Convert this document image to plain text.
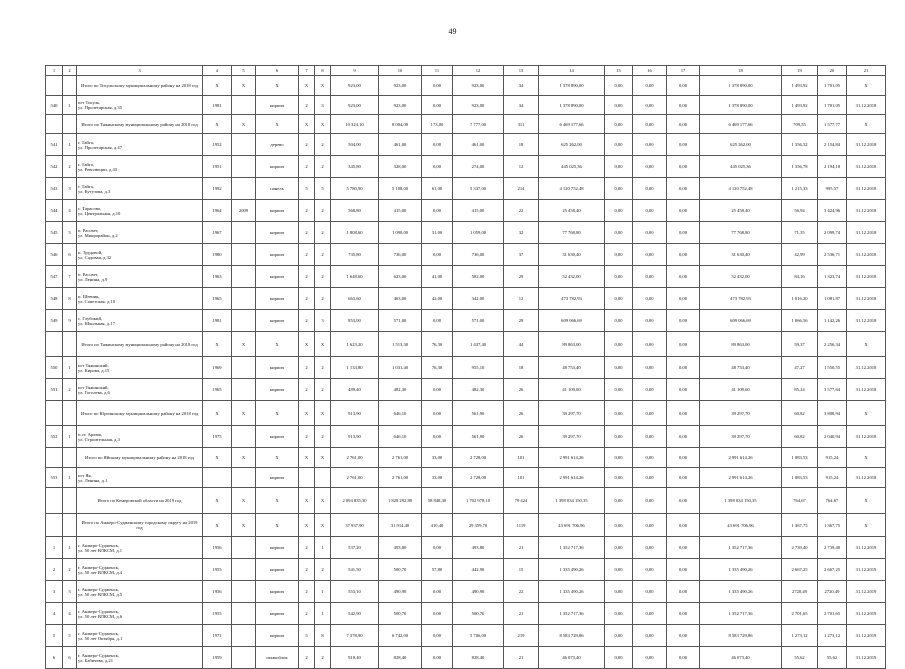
49
1	2	3	4	5	6	7	8	9	10	11	12	13	14	15	16	17	18	19	20	21
		Итого по Тисульскому муниципальному району на 2018 год	X	X	X	X	X	923,00	923,00	0,00	923,00	34	1 378 890,00	0,00	0,00	0,00	1 378 890,00	1 493,92	1 701,05	X
540	1	пгт Тисуль,
ул. Пролетарская, д.35	1981		кирпич	2	3	923,00	923,00	0,00	923,00	34	1 378 890,00	0,00	0,00	0,00	1 378 890,00	1 493,92	1 701,05	31.12.2018
		Итого по Тяжинскому муниципальному району на 2018 год	X	X	X	X	X	10 324,10	8 004,00	173,00	7 777,00	311	6 469 177,66	0,00	0,00	0,00	6 469 177,66	709,55	1 577,77	X
541	1	г. Тайга,
ул. Пролетарская, д.47	1952		дерево	2	2	504,00	461,00	0,00	461,00	18	625 262,00	0,00	0,00	0,00	625 262,00	1 356,32	2 154,84	31.12.2018
542	2	г. Тайга,
ул. Революции, д.43	1951		кирпич	2	2	345,80	328,00	0,00	274,00	12	445 025,36	0,00	0,00	0,00	445 025,36	1 356,78	2 194,18	31.12.2018
543	3	г. Тайга,
ул. Кутузова, д.3	1992		панель	5	5	5 780,90	5 108,00	61,00	5 337,00	214	4 120 752,48	0,00	0,00	0,00	4 120 752,48	1 215,33	995,57	31.12.2018
544	4	с. Тарасово,
ул. Центральная, д.10	1964	2009	кирпич	2	2	568,80	415,00	0,00	415,00	22	25 458,40	0,00	0,00	0,00	25 458,40	56,94	3 424,96	31.12.2018
545	5	п. Рассвет,
ул. Микрорайон, д.2	1967		кирпич	2	2	1 808,60	1 090,00	31,00	1 059,00	32	77 768,80	0,00	0,00	0,00	77 768,80	71,35	2 099,74	31.12.2018
546	6	п. Трудовой,
ул. Садовая, д.32	1980		кирпич	2	2	735,80	736,00	0,00	736,00	37	31 630,40	0,00	0,00	0,00	31 630,40	42,99	2 536,71	31.12.2018
547	7	п. Рассвет,
ул. Ленина, д.9	1963		кирпич	2	2	1 648,60	623,00	41,00	582,00	29	52 432,00	0,00	0,00	0,00	52 432,00	84,16	1 323,74	31.12.2018
548	8	п. Шевчик,
ул. Советская, д.10	1965		кирпич	2	2	663,60	463,00	42,00	342,00	12	473 782,93	0,00	0,00	0,00	473 782,93	1 016,20	1 081,87	31.12.2018
549	9	с. Глубокий,
ул. Школьная, д.17	1981		кирпич	2	3	853,00	571,00	0,00	571,00	29	609 066,69	0,00	0,00	0,00	609 066,69	1 066,56	1 142,26	31.12.2018
		Итого по Тяжинскому муниципальному району на 2018 год	X	X	X	X	X	1 623,20	1 513,30	76,30	1 437,40	44	89 863,00	0,00	0,00	0,00	89 863,00	59,37	2 256,34	X
550	1	пгт Тяжинский,
ул. Кирова, д.15	1969		кирпич	2	2	1 133,80	1 031,40	76,30	955,10	18	48 753,40	0,00	0,00	0,00	48 753,40	47,27	1 550,55	31.12.2018
551	2	пгт Тяжинский,
ул. Гоголева, д.6	1965		кирпич	2	2	489,40	482,30	0,00	482,30	26	41 109,60	0,00	0,00	0,00	41 109,60	85,24	3 577,64	31.12.2018
		Итого по Юргинскому муниципальному району на 2018 год	X	X	X	X	X	913,90	646,10	0,00	561,90	26	39 297,70	0,00	0,00	0,00	39 297,70	60,82	3 808,94	X
552	1	п.ст. Арлюк,
ул. Строительная, д.3	1975		кирпич	2	2	913,90	646,10	0,00	561,90	26	39 297,70	0,00	0,00	0,00	39 297,70	60,82	2 040,94	31.12.2018
		Итого по Яйскому муниципальному району на 2018 год	X	X	X	X	X	2 761,00	2 761,00	33,00	2 728,00	101	2 991 614,26	0,00	0,00	0,00	2 991 614,26	1 083,53	915,24	X
553	1	пгт Яя,
ул. Ленина, д.1			кирпич			2 761,00	2 761,00	33,00	2 728,00	101	2 991 614,26	0,00	0,00	0,00	2 991 614,26	1 083,53	915,24	31.12.2018
		Итого по Кемеровской области на 2019 год	X	X	X	X	X	2 094 835,30	1 828 292,80	58 848,30	1 702 978,10	79 424	1 398 034 150,35	0,00	0,00	0,00	1 398 034 150,35	764,67	764,67	X
		Итого по Анжеро-Судженскому городскому округу на 2019 год	X	X	X	X	X	37 937,90	31 914,40	410,40	29 359,70	1119	43 691 706,96	0,00	0,00	0,00	43 691 706,96	1 367,75	1 367,75	X
1	1	г. Анжеро-Судженск,
ул. 50 лет ВЛКСМ, д.1	1956		кирпич	2	1	537,20	493,80	0,00	493,80	21	1 352 717,36	0,00	0,00	0,00	1 352 717,36	2 739,40	2 739,40	31.12.2019
2	2	г. Анжеро-Судженск,
ул. 50 лет ВЛКСМ, д.4	1955		кирпич	2	2	541,50	500,70	57,80	442,90	15	1 335 490,26	0,00	0,00	0,00	1 335 490,26	2 667,25	2 667,25	31.12.2019
3	3	г. Анжеро-Судженск,
ул. 50 лет ВЛКСМ, д.5	1956		кирпич	2	1	553,10	490,90	0,00	490,90	22	1 335 490,26	0,00	0,00	0,00	1 335 490,26	2720,49	2720,49	31.12.2019
4	4	г. Анжеро-Судженск,
ул. 50 лет ВЛКСМ, д.6	1955		кирпич	2	1	542,90	500,70	0,00	500,70	21	1 352 717,36	0,00	0,00	0,00	1 352 717,36	2 701,65	2 701,65	31.12.2019
5	5	г. Анжеро-Судженск,
ул. 50 лет Октября, д.1	1971		кирпич	5	8	7 378,90	6 742,00	0,00	5 706,00	219	8 583 729,86	0,00	0,00	0,00	8 583 729,86	1 273,12	1 273,12	31.12.2019
6	6	г. Анжеро-Судженск,
ул. Бабичева, д.21	1959		шлакоблок	2	2	918,40	828,40	0,00	828,40	21	46 073,40	0,00	0,00	0,00	46 073,40	55,62	55,62	31.12.2019
